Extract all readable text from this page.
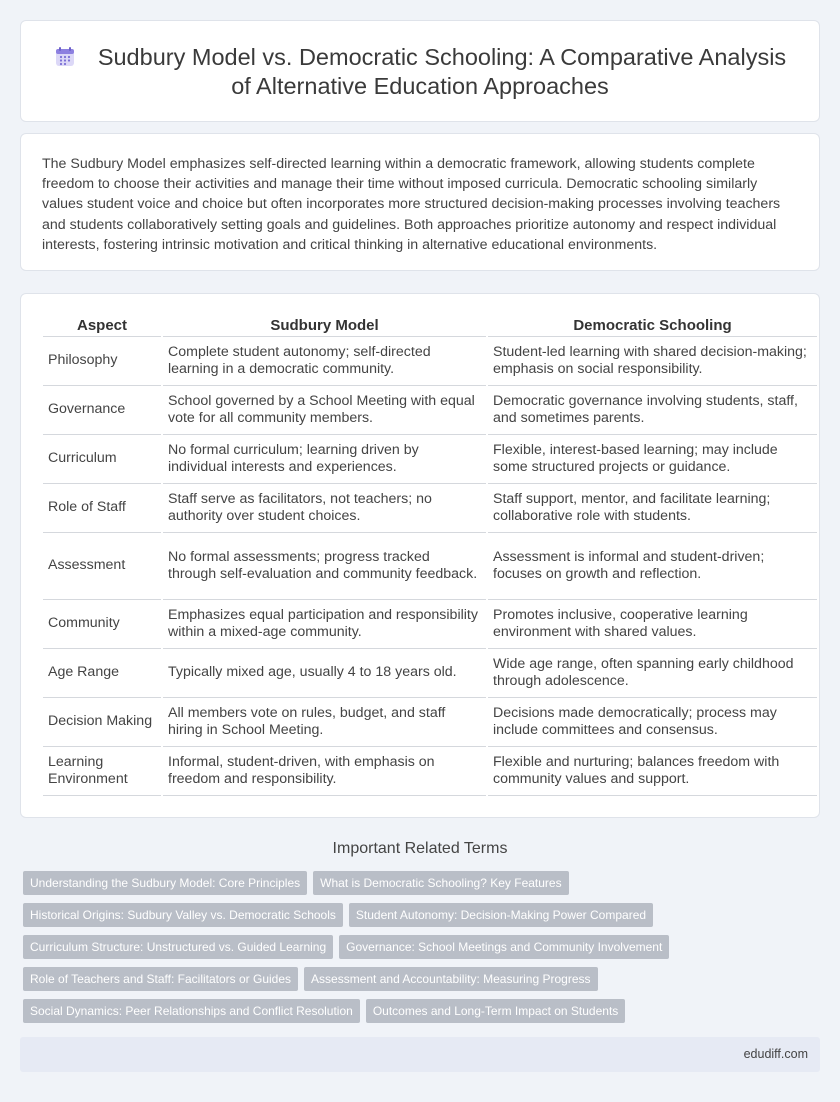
Sudbury Model vs. Democratic Schooling: A Comparative Analysis of Alternative Education Approaches

The Sudbury Model emphasizes self-directed learning within a democratic framework, allowing students complete freedom to choose their activities and manage their time without imposed curricula. Democratic schooling similarly values student voice and choice but often incorporates more structured decision-making processes involving teachers and students collaboratively setting goals and guidelines. Both approaches prioritize autonomy and respect individual interests, fostering intrinsic motivation and critical thinking in alternative educational environments.

Aspect	Sudbury Model	Democratic Schooling
Philosophy	Complete student autonomy; self-directed learning in a democratic community.	Student-led learning with shared decision-making; emphasis on social responsibility.
Governance	School governed by a School Meeting with equal vote for all community members.	Democratic governance involving students, staff, and sometimes parents.
Curriculum	No formal curriculum; learning driven by individual interests and experiences.	Flexible, interest-based learning; may include some structured projects or guidance.
Role of Staff	Staff serve as facilitators, not teachers; no authority over student choices.	Staff support, mentor, and facilitate learning; collaborative role with students.
Assessment	No formal assessments; progress tracked through self-evaluation and community feedback.	Assessment is informal and student-driven; focuses on growth and reflection.
Community	Emphasizes equal participation and responsibility within a mixed-age community.	Promotes inclusive, cooperative learning environment with shared values.
Age Range	Typically mixed age, usually 4 to 18 years old.	Wide age range, often spanning early childhood through adolescence.
Decision Making	All members vote on rules, budget, and staff hiring in School Meeting.	Decisions made democratically; process may include committees and consensus.
Learning Environment	Informal, student-driven, with emphasis on freedom and responsibility.	Flexible and nurturing; balances freedom with community values and support.
Important Related Terms
Understanding the Sudbury Model: Core Principles What is Democratic Schooling? Key Features
Historical Origins: Sudbury Valley vs. Democratic Schools Student Autonomy: Decision-Making Power Compared
Curriculum Structure: Unstructured vs. Guided Learning Governance: School Meetings and Community Involvement
Role of Teachers and Staff: Facilitators or Guides Assessment and Accountability: Measuring Progress
Social Dynamics: Peer Relationships and Conflict Resolution Outcomes and Long-Term Impact on Students
edudiff.com
